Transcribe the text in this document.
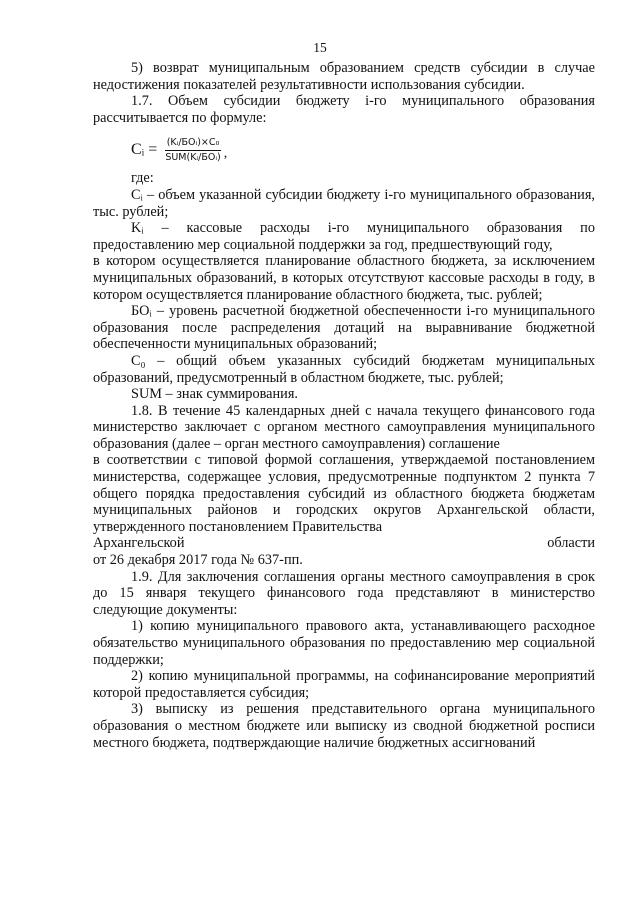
15

5) возврат муниципальным образованием средств субсидии в случае недостижения показателей результативности использования субсидии.

1.7. Объем субсидии бюджету i-го муниципального образования рассчитывается по формуле:

Cᵢ = $\frac{\text{(Kᵢ/БОᵢ)×C₀}}{\text{SUM(Kᵢ/БОᵢ)}}$ ,

где:

Cᵢ – объем указанной субсидии бюджету i-го муниципального образования, тыс. рублей;

Kᵢ – кассовые расходы i-го муниципального образования по предоставлению мер социальной поддержки за год, предшествующий году,

в котором осуществляется планирование областного бюджета, за исключением муниципальных образований, в которых отсутствуют кассовые расходы в году, в котором осуществляется планирование областного бюджета, тыс. рублей;

БОᵢ – уровень расчетной бюджетной обеспеченности i-го муниципального образования после распределения дотаций на выравнивание бюджетной обеспеченности муниципальных образований;

C₀ – общий объем указанных субсидий бюджетам муниципальных образований, предусмотренный в областном бюджете, тыс. рублей;

SUM – знак суммирования.

1.8. В течение 45 календарных дней с начала текущего финансового года министерство заключает с органом местного самоуправления муниципального образования (далее – орган местного самоуправления) соглашение

в соответствии с типовой формой соглашения, утверждаемой постановлением министерства, содержащее условия, предусмотренные подпунктом 2 пункта 7 общего порядка предоставления субсидий из областного бюджета бюджетам муниципальных районов и городских округов Архангельской области, утвержденного постановлением Правительства

Архангельской	области

от 26 декабря 2017 года № 637-пп.

1.9. Для заключения соглашения органы местного самоуправления в срок до 15 января текущего финансового года представляют в министерство следующие документы:

1) копию муниципального правового акта, устанавливающего расходное обязательство муниципального образования по предоставлению мер социальной поддержки;

2) копию муниципальной программы, на софинансирование мероприятий которой предоставляется субсидия;

3) выписку из решения представительного органа муниципального образования о местном бюджете или выписку из сводной бюджетной росписи местного бюджета, подтверждающие наличие бюджетных ассигнований
